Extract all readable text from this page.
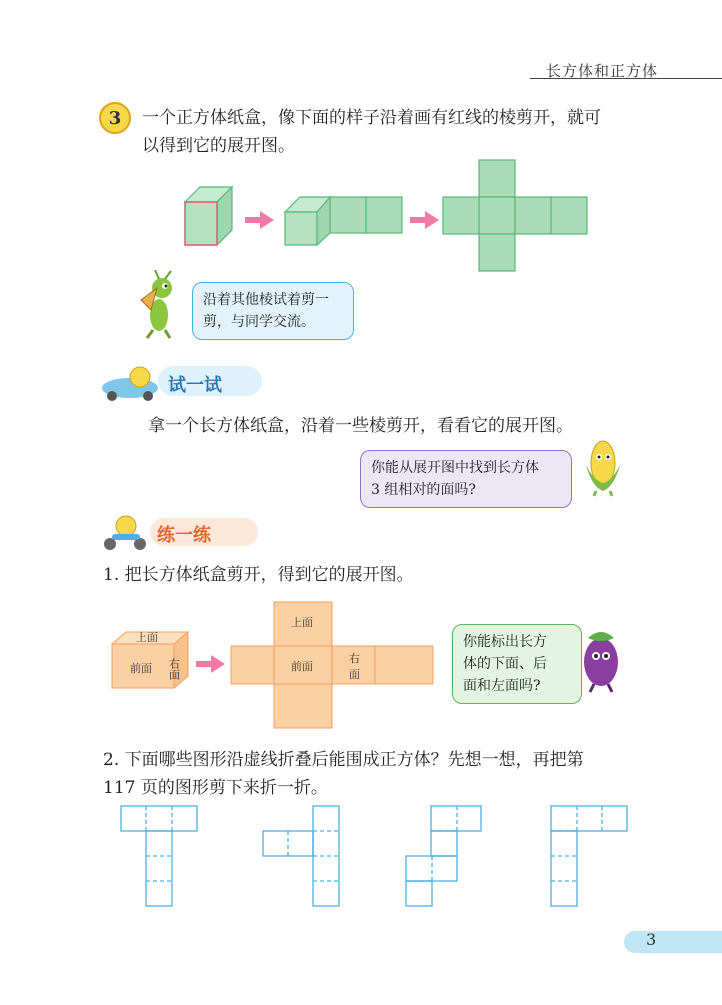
长方体和正方体
3 一个正方体纸盒，像下面的样子沿着画有红线的棱剪开，就可
以得到它的展开图。
沿着其他棱试着剪一
剪，与同学交流。
试一试
拿一个长方体纸盒，沿着一些棱剪开，看看它的展开图。
你能从展开图中找到长方体
3 组相对的面吗?
练一练
1. 把长方体纸盒剪开，得到它的展开图。
上面
前面 右面
上面
前面
右
面
你能标出长方
体的下面、后
面和左面吗?
2. 下面哪些图形沿虚线折叠后能围成正方体？先想一想，再把第
117 页的图形剪下来折一折。
3
